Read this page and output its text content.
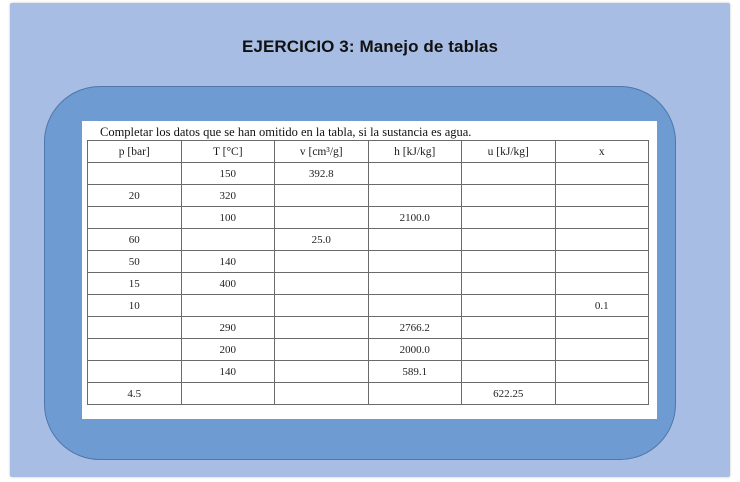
EJERCICIO 3: Manejo de tablas
Completar los datos que se han omitido en la tabla, si la sustancia es agua.
p [bar]	T [°C]	v [cm³/g]	h [kJ/kg]	u [kJ/kg]	x
	150	392.8			
20	320				
	100		2100.0		
60		25.0			
50	140				
15	400				
10					0.1
	290		2766.2		
	200		2000.0		
	140		589.1		
4.5				622.25	
